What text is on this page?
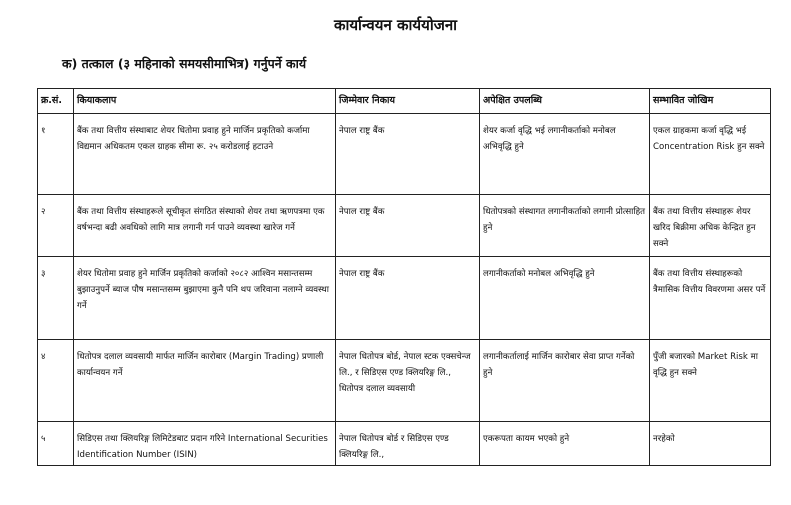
कार्यान्वयन कार्ययोजना
क) तत्काल (३ महिनाको समयसीमाभित्र) गर्नुपर्ने कार्य
क्र.सं.	कियाकलाप	जिम्मेवार निकाय	अपेक्षित उपलब्धि	सम्भावित जोखिम
१	बैंक तथा वित्तीय संस्थाबाट शेयर धितोमा प्रवाह हुने मार्जिन प्रकृतिको कर्जामा विद्यमान अधिकतम एकल ग्राहक सीमा रू. २५ करोडलाई हटाउने	नेपाल राष्ट्र बैंक	शेयर कर्जा वृद्धि भई लगानीकर्ताको मनोबल अभिवृद्धि हुने	एकल ग्राहकमा कर्जा वृद्धि भई Concentration Risk हुन सक्ने
२	बैंक तथा वित्तीय संस्थाहरूले सूचीकृत संगठित संस्थाको शेयर तथा ऋणपत्रमा एक वर्षभन्दा बढी अवधिको लागि मात्र लगानी गर्न पाउने व्यवस्था खारेज गर्ने	नेपाल राष्ट्र बैंक	धितोपत्रको संस्थागत लगानीकर्ताको लगानी प्रोत्साहित हुने	बैंक तथा वित्तीय संस्थाहरू शेयर खरिद बिक्रीमा अधिक केन्द्रित हुन सक्ने
३	शेयर धितोमा प्रवाह हुने मार्जिन प्रकृतिको कर्जाको २०८२ आश्विन मसान्तसम्म बुझाउनुपर्ने ब्याज पौष मसान्तसम्म बुझाएमा कुनै पनि थप जरिवाना नलाग्ने व्यवस्था गर्ने	नेपाल राष्ट्र बैंक	लगानीकर्ताको मनोबल अभिवृद्धि हुने	बैंक तथा वित्तीय संस्थाहरूको त्रैमासिक वित्तीय विवरणमा असर पर्ने
४	धितोपत्र दलाल व्यवसायी मार्फत मार्जिन कारोबार (Margin Trading) प्रणाली कार्यान्वयन गर्ने	नेपाल धितोपत्र बोर्ड, नेपाल स्टक एक्सचेन्ज लि., र सिडिएस एण्ड क्लियरिङ्ग लि., धितोपत्र दलाल व्यवसायी	लगानीकर्तालाई मार्जिन कारोबार सेवा प्राप्त गर्नेको हुने	पुँजी बजारको Market Risk मा वृद्धि हुन सक्ने
५	सिडिएस तथा क्लियरिङ्ग लिमिटेडबाट प्रदान गरिने International Securities Identification Number (ISIN)	नेपाल धितोपत्र बोर्ड र सिडिएस एण्ड क्लियरिङ्ग लि.,	एकरूपता कायम भएको हुने	नरहेको
